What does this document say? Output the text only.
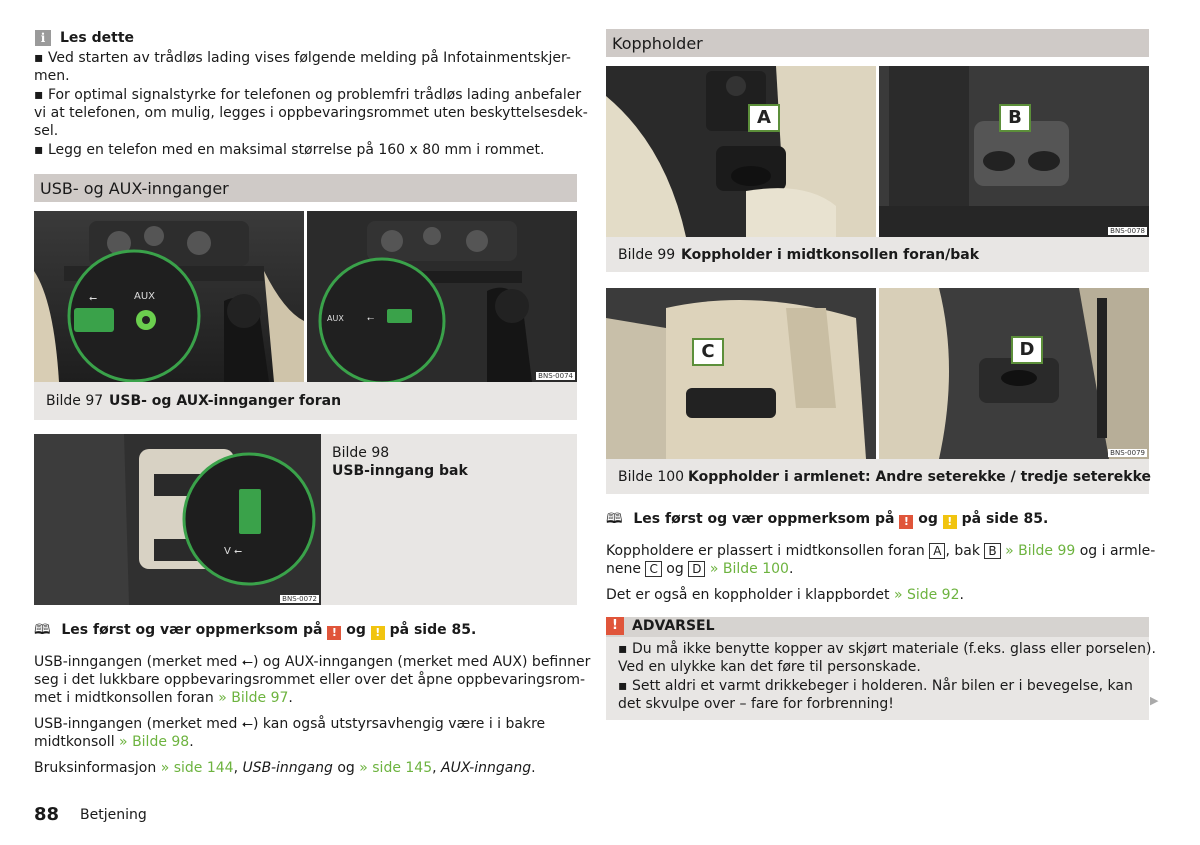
i	Les dette
▪ Ved starten av trådløs lading vises følgende melding på Infotainmentskjer-
men.
▪ For optimal signalstyrke for telefonen og problemfri trådløs lading anbefaler
vi at telefonen, om mulig, legges i oppbevaringsrommet uten beskyttelsesdek-
sel.
▪ Legg en telefon med en maksimal størrelse på 160 x 80 mm i rommet.
USB- og AUX-innganger
⭠	AUX
AUX	⭠
BNS-0074
Bilde 97 USB- og AUX-innganger foran
Bilde 98
USB-inngang bak
V ⭠
BNS-0072
🕮 Les først og vær oppmerksom på ! og ! på side 85.
USB-inngangen (merket med ⭠) og AUX-inngangen (merket med AUX) befinner
seg i det lukkbare oppbevaringsrommet eller over det åpne oppbevaringsrom-
met i midtkonsollen foran » Bilde 97.
USB-inngangen (merket med ⭠) kan også utstyrsavhengig være i i bakre
midtkonsoll » Bilde 98.
Bruksinformasjon » side 144, USB-inngang og » side 145, AUX-inngang.
88 Betjening
Koppholder
A	B
BNS-0078
Bilde 99 Koppholder i midtkonsollen foran/bak
C	D
BNS-0079
Bilde 100 Koppholder i armlenet: Andre seterekke / tredje seterekke
🕮 Les først og vær oppmerksom på ! og ! på side 85.
Koppholdere er plassert i midtkonsollen foran A , bak B » Bilde 99 og i armle-
nene C og D » Bilde 100.
Det er også en koppholder i klappbordet » Side 92.
!	ADVARSEL
▪ Du må ikke benytte kopper av skjørt materiale (f.eks. glass eller porselen).
Ved en ulykke kan det føre til personskade.
▪ Sett aldri et varmt drikkebeger i holderen. Når bilen er i bevegelse, kan
det skvulpe over – fare for forbrenning!	▶
